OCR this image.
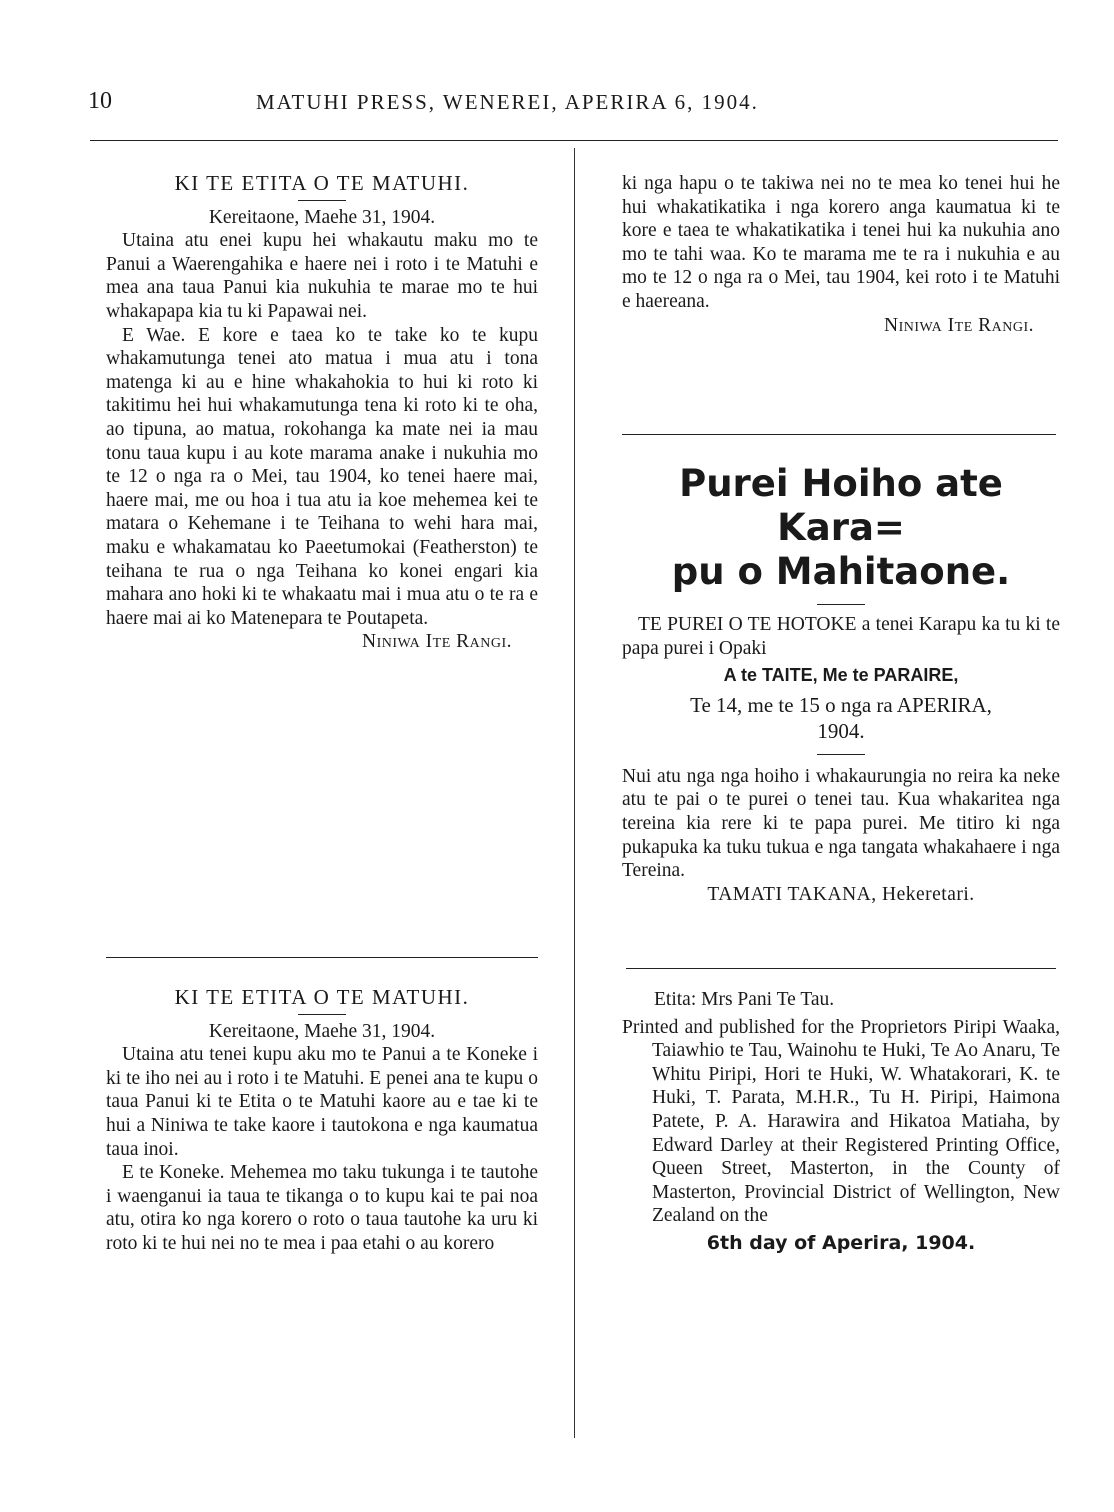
10	MATUHI PRESS, WENEREI, APERIRA 6, 1904.

KI TE ETITA O TE MATUHI.

Kereitaone, Maehe 31, 1904.

Utaina atu enei kupu hei whakautu maku mo te Panui a Waerengahika e haere nei i roto i te Matuhi e mea ana taua Panui kia nukuhia te marae mo te hui whakapapa kia tu ki Papawai nei.

E Wae. E kore e taea ko te take ko te kupu whakamutunga tenei ato matua i mua atu i tona matenga ki au e hine whakahokia to hui ki roto ki takitimu hei hui whakamutunga tena ki roto ki te oha, ao tipuna, ao matua, rokohanga ka mate nei ia mau tonu taua kupu i au kote marama anake i nukuhia mo te 12 o nga ra o Mei, tau 1904, ko tenei haere mai, haere mai, me ou hoa i tua atu ia koe mehemea kei te matara o Kehemane i te Teihana to wehi hara mai, maku e whakamatau ko Paeetumokai (Featherston) te teihana te rua o nga Teihana ko konei engari kia mahara ano hoki ki te whakaatu mai i mua atu o te ra e haere mai ai ko Matenepara te Poutapeta.

Niniwa Ite Rangi.

KI TE ETITA O TE MATUHI.

Kereitaone, Maehe 31, 1904.

Utaina atu tenei kupu aku mo te Panui a te Koneke i ki te iho nei au i roto i te Matuhi. E penei ana te kupu o taua Panui ki te Etita o te Matuhi kaore au e tae ki te hui a Niniwa te take kaore i tautokona e nga kaumatua taua inoi.

E te Koneke. Mehemea mo taku tukunga i te tautohe i waenganui ia taua te tikanga o to kupu kai te pai noa atu, otira ko nga korero o roto o taua tautohe ka uru ki roto ki te hui nei no te mea i paa etahi o au korero

ki nga hapu o te takiwa nei no te mea ko tenei hui he hui whakatikatika i nga korero anga kaumatua ki te kore e taea te whakatikatika i tenei hui ka nukuhia ano mo te tahi waa. Ko te marama me te ra i nukuhia e au mo te 12 o nga ra o Mei, tau 1904, kei roto i te Matuhi e haereana.

Niniwa Ite Rangi.

Purei Hoiho ate Kara=

pu o Mahitaone.

TE PUREI O TE HOTOKE a tenei Karapu ka tu ki te papa purei i Opaki

A te TAITE, Me te PARAIRE,

Te 14, me te 15 o nga ra APERIRA,
1904.

Nui atu nga nga hoiho i whakaurungia no reira ka neke atu te pai o te purei o tenei tau. Kua whakaritea nga tereina kia rere ki te papa purei. Me titiro ki nga pukapuka ka tuku tukua e nga tangata whakahaere i nga Tereina.

TAMATI TAKANA, Hekeretari.
Etita: Mrs Pani Te Tau.

Printed and published for the Proprietors Piripi Waaka, Taiawhio te Tau, Wainohu te Huki, Te Ao Anaru, Te Whitu Piripi, Hori te Huki, W. Whatakorari, K. te Huki, T. Parata, M.H.R., Tu H. Piripi, Haimona Patete, P. A. Harawira and Hikatoa Matiaha, by Edward Darley at their Registered Printing Office, Queen Street, Masterton, in the County of Masterton, Provincial District of Wellington, New Zealand on the

6th day of Aperira, 1904.
